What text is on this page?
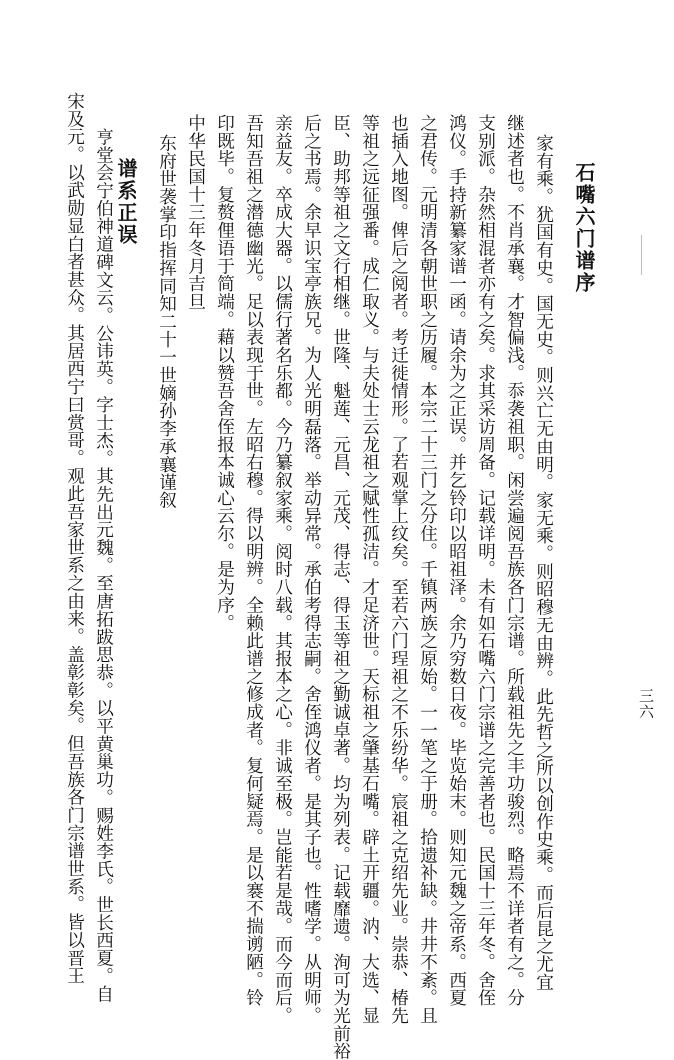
三六
石嘴六门谱序
家有乘。犹国有史。国无史。则兴亡无由明。家无乘。则昭穆无由辨。此先哲之所以创作史乘。而后昆之尤宜
继述者也。不肖承襄。才智偏浅。忝袭祖职。闲尝遍阅吾族各门宗谱。所载祖先之丰功骏烈。略焉不详者有之。分
支别派。杂然相混者亦有之矣。求其采访周备。记载详明。未有如石嘴六门宗谱之完善者也。民国十三年冬。舍侄
鸿仪。手持新纂家谱一函。请余为之正误。并乞铃印以昭祖泽。余乃穷数日夜。毕览始末。则知元魏之帝系。西夏
之君传。元明清各朝世职之历履。本宗二十三门之分住。千镇两族之原始。一一笔之于册。拾遗补缺。井井不紊。且
也插入地图。俾后之阅者。考迁徙情形。了若观掌上纹矣。至若六门珵祖之不乐纷华。宸祖之克绍先业。崇恭、椿先
等祖之远征强番。成仁取义。与夫处士云龙祖之赋性孤洁。才足济世。天标祖之肇基石嘴。辟土开疆。汭、大选、显
臣、助邦等祖之文行相继。世隆、魁莲、元昌、元茂、得志、得玉等祖之勤诚卓著。均为列表。记载靡遗。洵可为光前裕
后之书焉。余早识宝亭族兄。为人光明磊落。举动异常。承伯考得志嗣。舍侄鸿仪者。是其子也。性嗜学。从明师。
亲益友。卒成大器。以儒行著名乐都。今乃纂叙家乘。阅时八载。其报本之心。非诚至极。岂能若是哉。而今而后。
吾知吾祖之潜德幽光。足以表现于世。左昭右穆。得以明辨。全赖此谱之修成者。复何疑焉。是以褰不揣谫陋。铃
印既毕。复赘俚语于简端。藉以赞吾舍侄报本诚心云尔。是为序。
中华民国十三年冬月吉旦
东府世袭掌印指挥同知二十一世嫡孙李承襄谨叙
谱系正误
亨堂会宁伯神道碑文云。公讳英。字士杰。其先出元魏。至唐拓跋思恭。以平黄巢功。赐姓李氏。世长西夏。自
宋及元。以武勋显白者甚众。其居西宁曰赏哥。观此吾家世系之由来。盖彰彰矣。但吾族各门宗谱世系。皆以晋王
